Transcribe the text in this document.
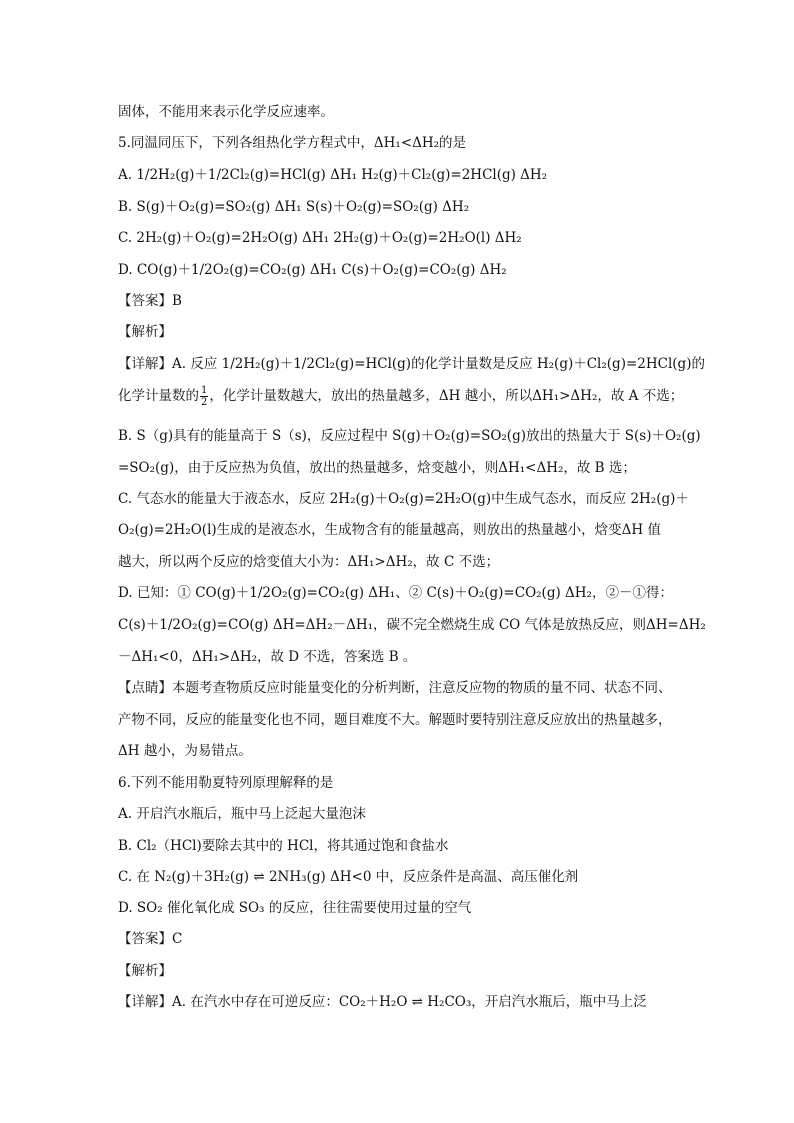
固体，不能用来表示化学反应速率。
5.同温同压下，下列各组热化学方程式中，ΔH₁<ΔH₂的是
A. 1/2H₂(g)＋1/2Cl₂(g)=HCl(g) ΔH₁ H₂(g)＋Cl₂(g)=2HCl(g) ΔH₂
B. S(g)＋O₂(g)=SO₂(g) ΔH₁ S(s)＋O₂(g)=SO₂(g) ΔH₂
C. 2H₂(g)＋O₂(g)=2H₂O(g) ΔH₁ 2H₂(g)＋O₂(g)=2H₂O(l) ΔH₂
D. CO(g)＋1/2O₂(g)=CO₂(g) ΔH₁ C(s)＋O₂(g)=CO₂(g) ΔH₂
【答案】B
【解析】
【详解】A. 反应 1/2H₂(g)＋1/2Cl₂(g)=HCl(g)的化学计量数是反应 H₂(g)＋Cl₂(g)=2HCl(g)的
化学计量数的 $\frac{1}{2}$ ，化学计量数越大，放出的热量越多，ΔH 越小，所以ΔH₁>ΔH₂，故 A 不选；
B. S（g)具有的能量高于 S（s)，反应过程中 S(g)＋O₂(g)=SO₂(g)放出的热量大于 S(s)＋O₂(g)
=SO₂(g)，由于反应热为负值，放出的热量越多，焓变越小，则ΔH₁<ΔH₂，故 B 选；
C. 气态水的能量大于液态水，反应 2H₂(g)＋O₂(g)=2H₂O(g)中生成气态水，而反应 2H₂(g)＋
O₂(g)=2H₂O(l)生成的是液态水，生成物含有的能量越高，则放出的热量越小，焓变ΔH 值
越大，所以两个反应的焓变值大小为：ΔH₁>ΔH₂，故 C 不选；
D. 已知：① CO(g)＋1/2O₂(g)=CO₂(g) ΔH₁、② C(s)＋O₂(g)=CO₂(g) ΔH₂，②－①得：
C(s)＋1/2O₂(g)=CO(g) ΔH=ΔH₂－ΔH₁，碳不完全燃烧生成 CO 气体是放热反应，则ΔH=ΔH₂
－ΔH₁<0，ΔH₁>ΔH₂，故 D 不选，答案选 B 。
【点睛】本题考查物质反应时能量变化的分析判断，注意反应物的物质的量不同、状态不同、
产物不同，反应的能量变化也不同，题目难度不大。解题时要特别注意反应放出的热量越多，
ΔH 越小，为易错点。
6.下列不能用勒夏特列原理解释的是
A. 开启汽水瓶后，瓶中马上泛起大量泡沫
B. Cl₂（HCl)要除去其中的 HCl，将其通过饱和食盐水
C. 在 N₂(g)＋3H₂(g) ⇌ 2NH₃(g) ΔH<0 中，反应条件是高温、高压催化剂
D. SO₂ 催化氧化成 SO₃ 的反应，往往需要使用过量的空气
【答案】C
【解析】
【详解】A. 在汽水中存在可逆反应：CO₂＋H₂O ⇌ H₂CO₃，开启汽水瓶后，瓶中马上泛
